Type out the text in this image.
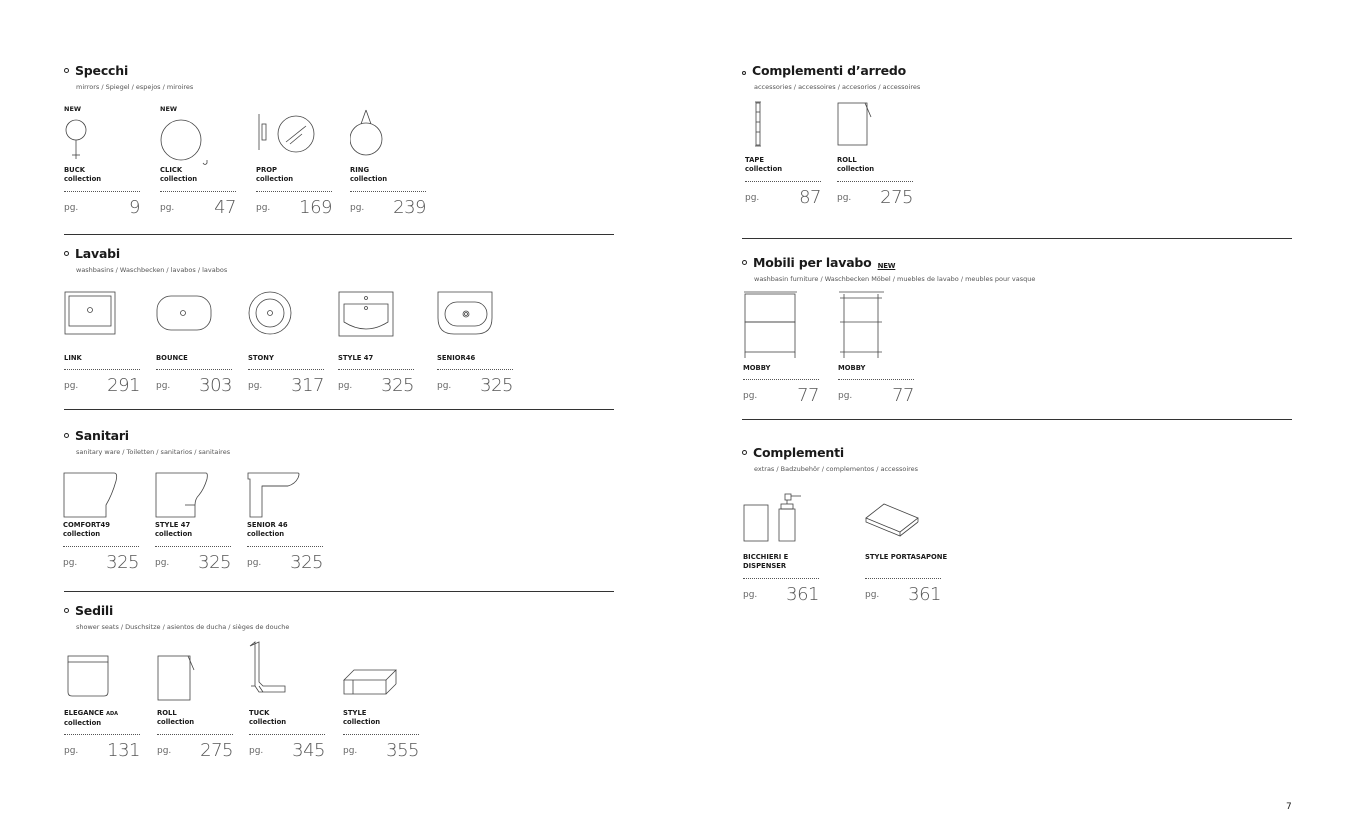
Specchi
mirrors / Spiegel / espejos / miroires
NEW
BUCK
collection
pg.	9
NEW
CLICK
collection
pg.	47
PROP
collection
pg.	169
RING
collection
pg.	239
Lavabi
washbasins / Waschbecken / lavabos / lavabos
LINK
pg.	291
BOUNCE
pg.	303
STONY
pg.	317
STYLE 47
pg.	325
SENIOR46
pg.	325
Sanitari
sanitary ware / Toiletten / sanitarios / sanitaires
COMFORT49
collection
pg.	325
STYLE 47
collection
pg.	325
SENIOR 46
collection
pg.	325
Sedili
shower seats / Duschsitze / asientos de ducha / sièges de douche
ELEGANCE ADA
collection
pg.	131
ROLL
collection
pg.	275
TUCK
collection
pg.	345
STYLE
collection
pg.	355
Complementi d’arredo
accessories / accessoires / accesorios / accessoires
TAPE
collection
pg.	87
ROLL
collection
pg.	275
Mobili per lavabo NEW
washbasin furniture / Waschbecken Möbel / muebles de lavabo / meubles pour vasque
MOBBY
pg.	77
MOBBY
pg.	77
Complementi
extras / Badzubehör / complementos / accessoires
BICCHIERI E
DISPENSER
pg.	361
STYLE PORTASAPONE
pg.	361
7
